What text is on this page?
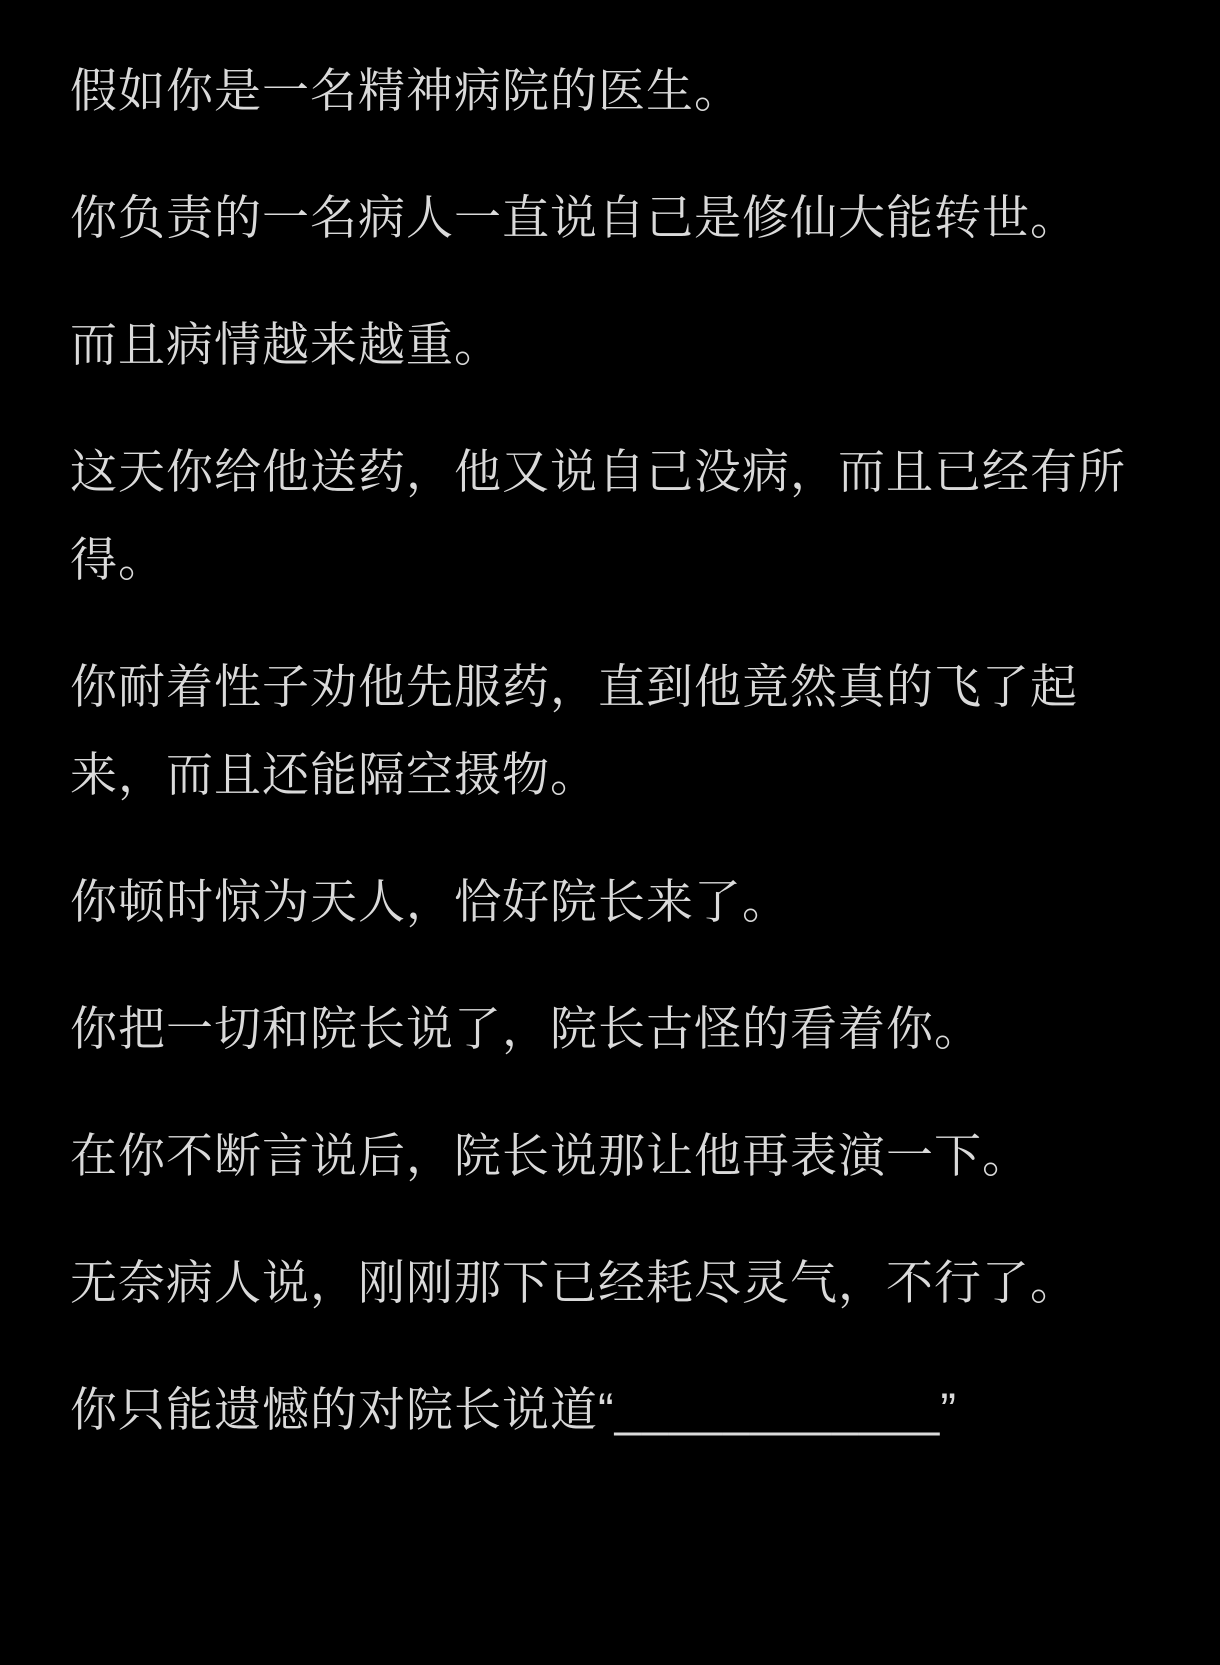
假如你是一名精神病院的医生。
你负责的一名病人一直说自己是修仙大能转世。
而且病情越来越重。
这天你给他送药，他又说自己没病，而且已经有所
得。
你耐着性子劝他先服药，直到他竟然真的飞了起
来，而且还能隔空摄物。
你顿时惊为天人，恰好院长来了。
你把一切和院长说了，院长古怪的看着你。
在你不断言说后，院长说那让他再表演一下。
无奈病人说，刚刚那下已经耗尽灵气，不行了。
你只能遗憾的对院长说道“____________”
